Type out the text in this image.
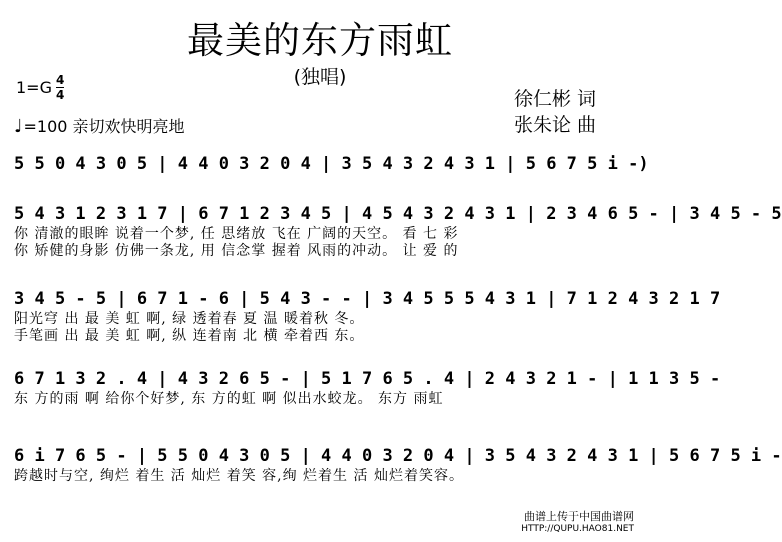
最美的东方雨虹
(独唱)
$1=G \frac{4}{4}$
♩ =100 亲切欢快明亮地
徐仁彬 词
张朱论 曲
5 5 0 4 3 0 5 | 4 4 0 3 2 0 4 | 3 5 4 3 2 4 3 1 | 5 6 7 5 i -)
5 4 3 1 2 3 1 7 | 6 7 1 2 3 4 5 | 4 5 4 3 2 4 3 1 | 2 3 4 6 5 - | 3 4 5 - 5
你 清澈的眼眸 说着一个梦, 任 思绪放 飞在 广阔的天空。 看 七 彩
你 矫健的身影 仿佛一条龙, 用 信念掌 握着 风雨的冲动。 让 爱 的
3 4 5 - 5 | 6 7 1 - 6 | 5 4 3 - - | 3 4 5 5 5 4 3 1 | 7 1 2 4 3 2 1 7
阳光穹 出 最 美 虹 啊, 绿 透着春 夏 温 暖着秋 冬。
手笔画 出 最 美 虹 啊, 纵 连着南 北 横 牵着西 东。
6 7 1 3 2 . 4 | 4 3 2 6 5 - | 5 1 7 6 5 . 4 | 2 4 3 2 1 - | 1 1 3 5 -
东 方的雨 啊 给你个好梦, 东 方的虹 啊 似出水蛟龙。 东方 雨虹
6 i 7 6 5 - | 5 5 0 4 3 0 5 | 4 4 0 3 2 0 4 | 3 5 4 3 2 4 3 1 | 5 6 7 5 i -
跨越时与空, 绚烂 着生 活 灿烂 着笑 容,绚 烂着生 活 灿烂着笑容。
曲谱上传于中国曲谱网
HTTP://QUPU.HAO81.NET
